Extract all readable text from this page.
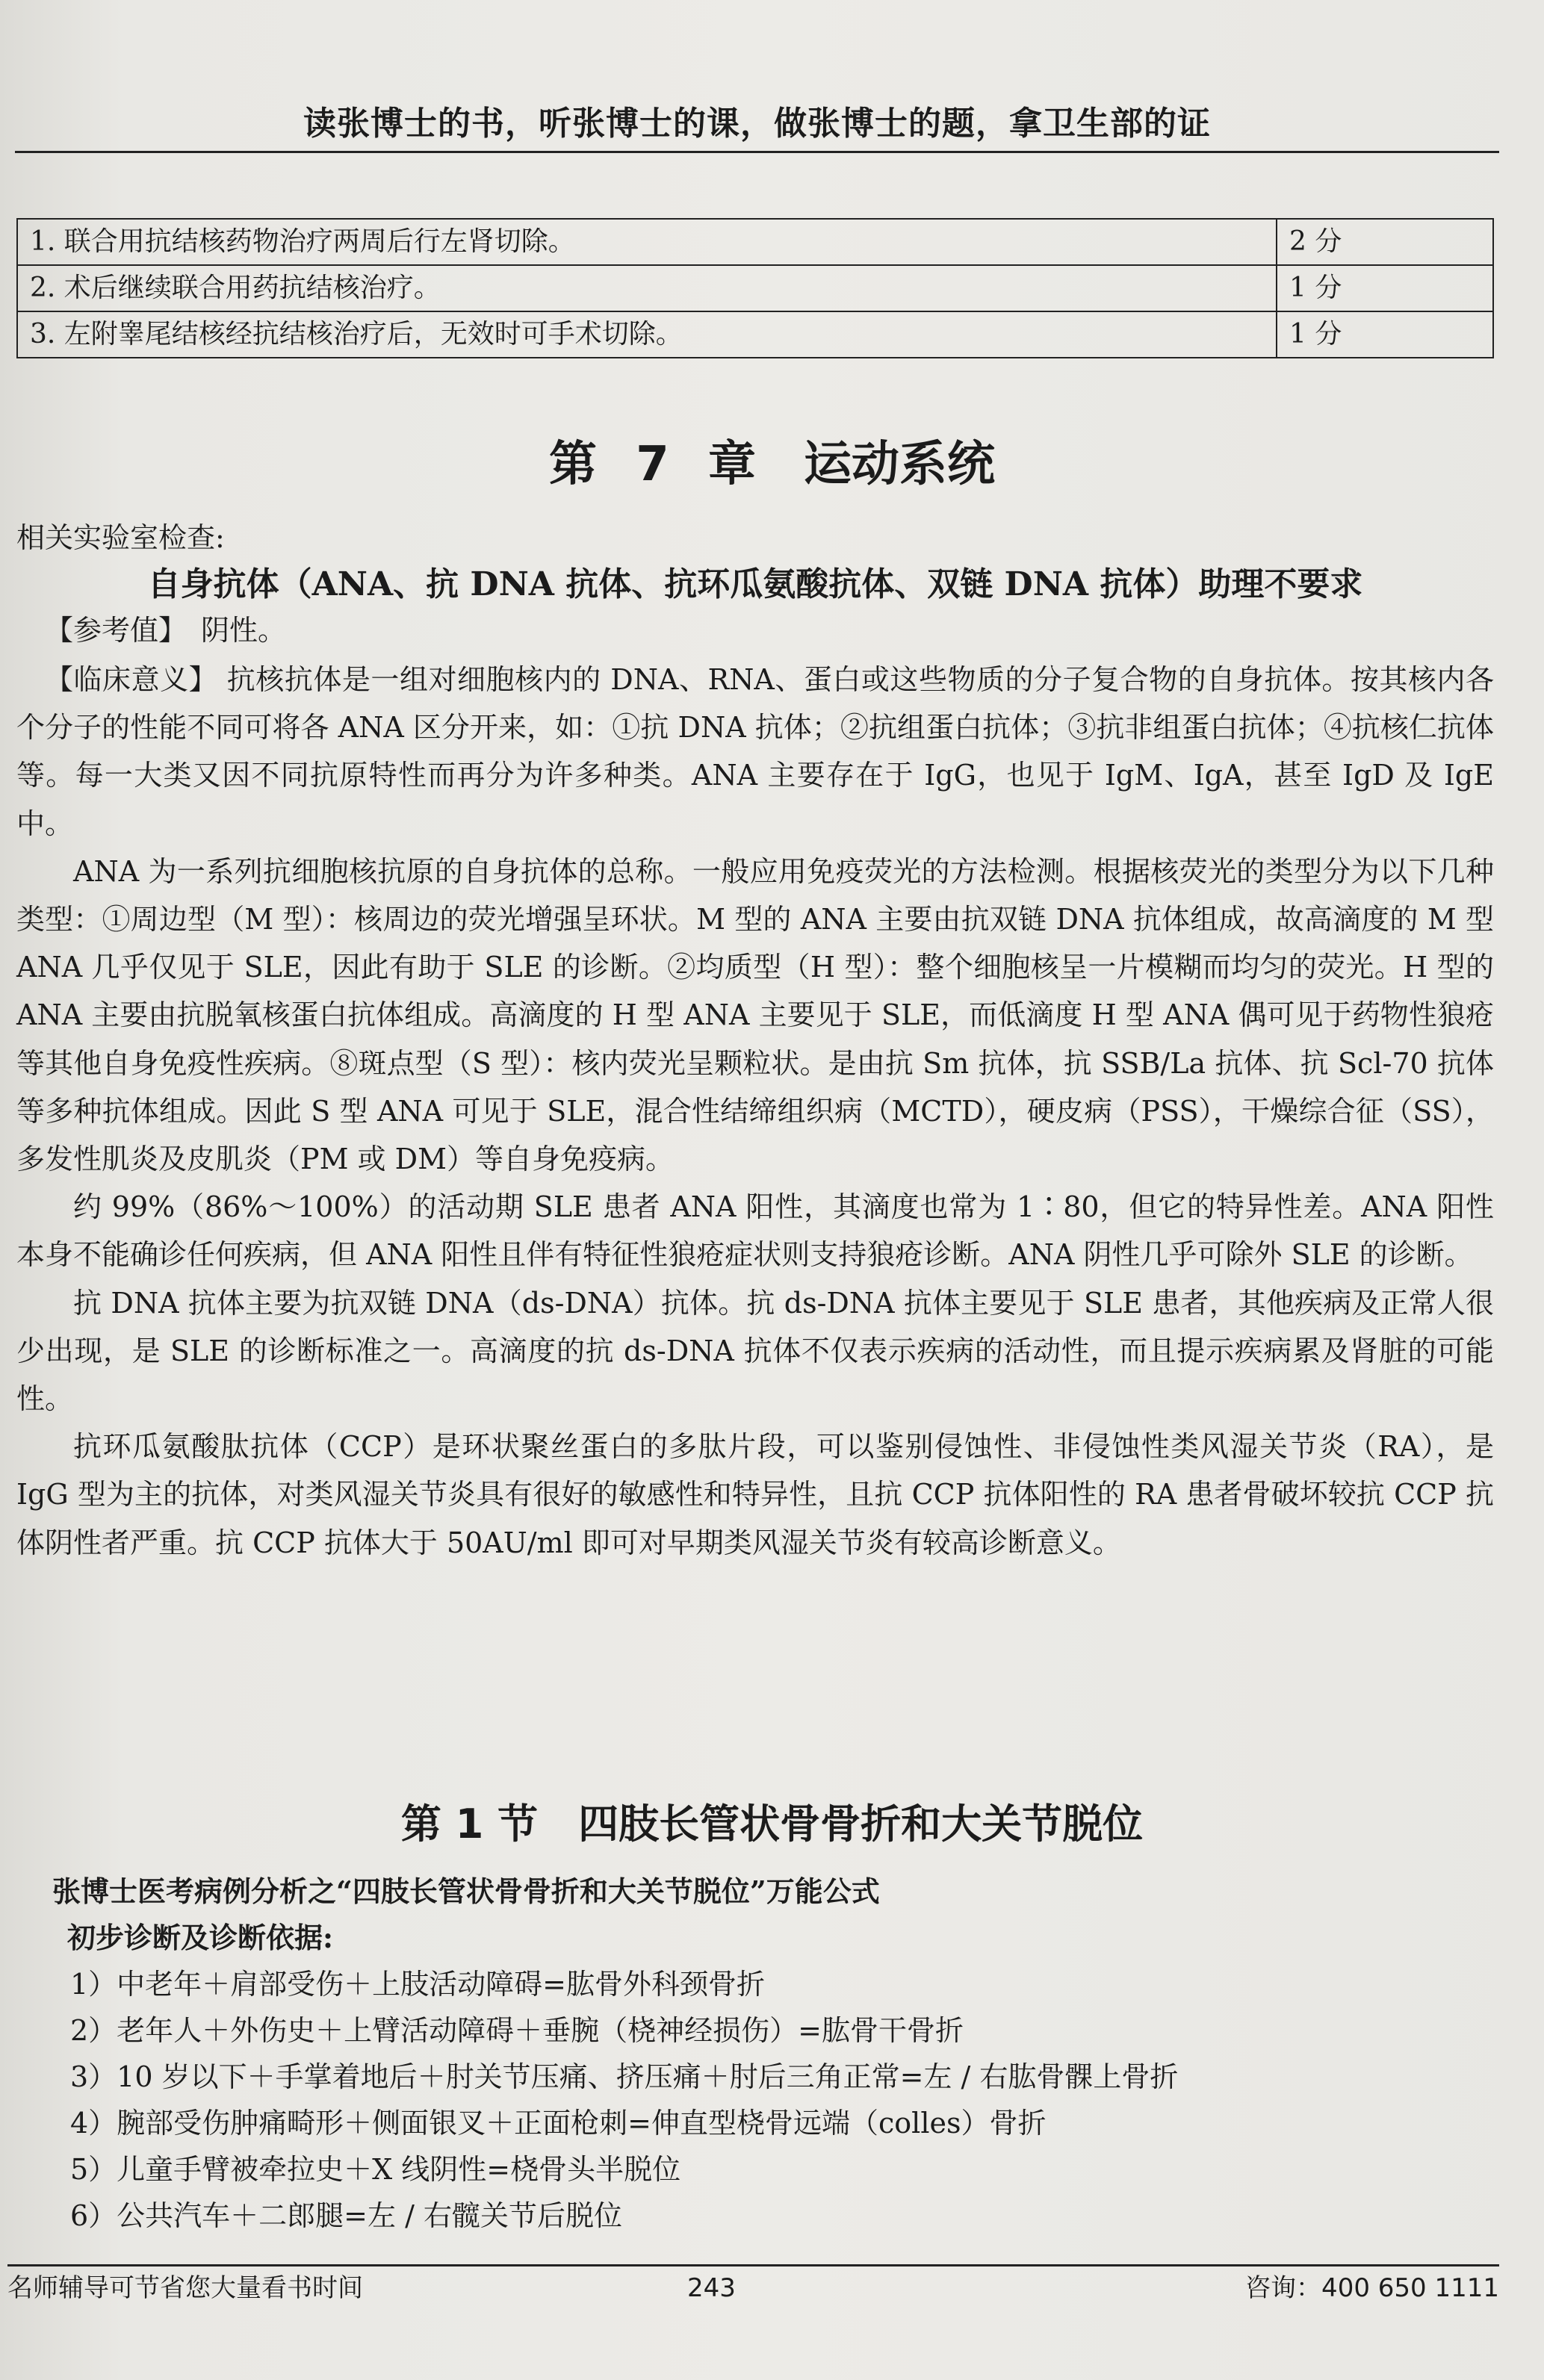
读张博士的书，听张博士的课，做张博士的题，拿卫生部的证
1. 联合用抗结核药物治疗两周后行左肾切除。	2 分
2. 术后继续联合用药抗结核治疗。	1 分
3. 左附睾尾结核经抗结核治疗后，无效时可手术切除。	1 分
第 7 章　运动系统
相关实验室检查:
自身抗体（ANA、抗 DNA 抗体、抗环瓜氨酸抗体、双链 DNA 抗体）助理不要求
【参考值】　阴性。

【临床意义】 抗核抗体是一组对细胞核内的 DNA、RNA、蛋白或这些物质的分子复合物的自身抗体。按其核内各个分子的性能不同可将各 ANA 区分开来，如：①抗 DNA 抗体；②抗组蛋白抗体；③抗非组蛋白抗体；④抗核仁抗体等。每一大类又因不同抗原特性而再分为许多种类。ANA 主要存在于 IgG，也见于 IgM、IgA，甚至 IgD 及 IgE 中。

ANA 为一系列抗细胞核抗原的自身抗体的总称。一般应用免疫荧光的方法检测。根据核荧光的类型分为以下几种类型：①周边型（M 型）：核周边的荧光增强呈环状。M 型的 ANA 主要由抗双链 DNA 抗体组成，故高滴度的 M 型 ANA 几乎仅见于 SLE，因此有助于 SLE 的诊断。②均质型（H 型）：整个细胞核呈一片模糊而均匀的荧光。H 型的 ANA 主要由抗脱氧核蛋白抗体组成。高滴度的 H 型 ANA 主要见于 SLE，而低滴度 H 型 ANA 偶可见于药物性狼疮等其他自身免疫性疾病。⑧斑点型（S 型）：核内荧光呈颗粒状。是由抗 Sm 抗体，抗 SSB/La 抗体、抗 Scl-70 抗体等多种抗体组成。因此 S 型 ANA 可见于 SLE，混合性结缔组织病（MCTD），硬皮病（PSS），干燥综合征（SS），多发性肌炎及皮肌炎（PM 或 DM）等自身免疫病。

约 99%（86%～100%）的活动期 SLE 患者 ANA 阳性，其滴度也常为 1∶80，但它的特异性差。ANA 阳性本身不能确诊任何疾病，但 ANA 阳性且伴有特征性狼疮症状则支持狼疮诊断。ANA 阴性几乎可除外 SLE 的诊断。

抗 DNA 抗体主要为抗双链 DNA（ds-DNA）抗体。抗 ds-DNA 抗体主要见于 SLE 患者，其他疾病及正常人很少出现，是 SLE 的诊断标准之一。高滴度的抗 ds-DNA 抗体不仅表示疾病的活动性，而且提示疾病累及肾脏的可能性。

抗环瓜氨酸肽抗体（CCP）是环状聚丝蛋白的多肽片段，可以鉴别侵蚀性、非侵蚀性类风湿关节炎（RA），是 IgG 型为主的抗体，对类风湿关节炎具有很好的敏感性和特异性，且抗 CCP 抗体阳性的 RA 患者骨破坏较抗 CCP 抗体阴性者严重。抗 CCP 抗体大于 50AU/ml 即可对早期类风湿关节炎有较高诊断意义。

第 1 节　四肢长管状骨骨折和大关节脱位
张博士医考病例分析之“四肢长管状骨骨折和大关节脱位”万能公式
初步诊断及诊断依据:
1）中老年＋肩部受伤＋上肢活动障碍=肱骨外科颈骨折
2）老年人＋外伤史＋上臂活动障碍＋垂腕（桡神经损伤）=肱骨干骨折
3）10 岁以下＋手掌着地后＋肘关节压痛、挤压痛＋肘后三角正常=左 / 右肱骨髁上骨折
4）腕部受伤肿痛畸形＋侧面银叉＋正面枪刺=伸直型桡骨远端（colles）骨折
5）儿童手臂被牵拉史＋X 线阴性=桡骨头半脱位
6）公共汽车＋二郎腿=左 / 右髋关节后脱位
名师辅导可节省您大量看书时间	243	咨询：400 650 1111
